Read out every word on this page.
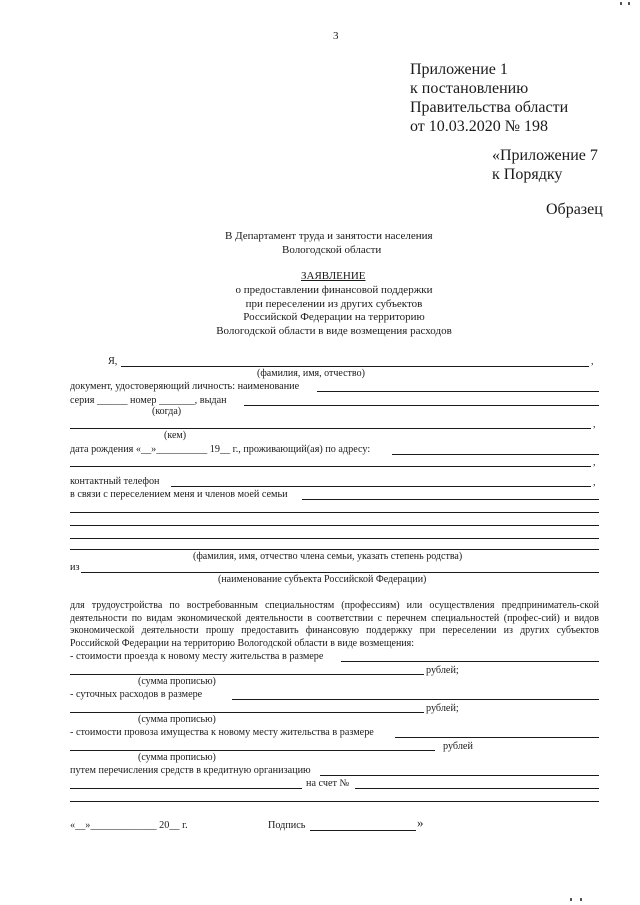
3
Приложение 1
к постановлению
Правительства области
от 10.03.2020 № 198
«Приложение 7
к Порядку
Образец
В Департамент труда и занятости населения
Вологодской области
ЗАЯВЛЕНИЕ
о предоставлении финансовой поддержки
при переселении из других субъектов
Российской Федерации на территорию
Вологодской области в виде возмещения расходов
Я,	,
(фамилия, имя, отчество)
документ, удостоверяющий личность: наименование
серия ______ номер _______, выдан
(когда)
,
(кем)
дата рождения «__»__________ 19__ г., проживающий(ая) по адресу:
,
контактный телефон	,
в связи с переселением меня и членов моей семьи
(фамилия, имя, отчество члена семьи, указать степень родства)
из
(наименование субъекта Российской Федерации)
для трудоустройства по востребованным специальностям (профессиям) или осуществления предприниматель-ской деятельности по видам экономической деятельности в соответствии с перечнем специальностей (профес-сий) и видов экономической деятельности прошу предоставить финансовую поддержку при переселении из других субъектов Российской Федерации на территорию Вологодской области в виде возмещения:
- стоимости проезда к новому месту жительства в размере
рублей;
(сумма прописью)
- суточных расходов в размере
рублей;
(сумма прописью)
- стоимости провоза имущества к новому месту жительства в размере
рублей
(сумма прописью)
путем перечисления средств в кредитную организацию
на счет №
«__»_____________ 20__ г.	Подпись	»
